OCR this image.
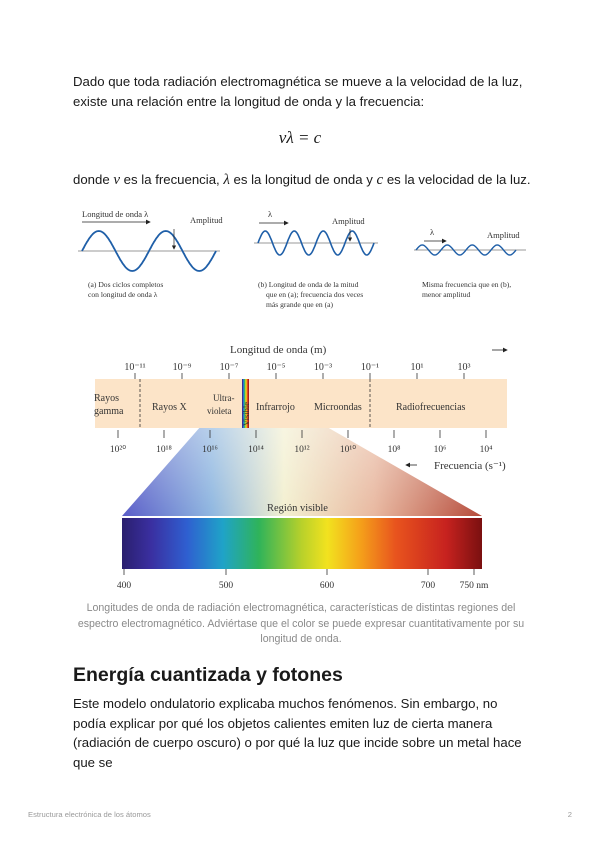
Dado que toda radiación electromagnética se mueve a la velocidad de la luz,
existe una relación entre la longitud de onda y la frecuencia:

νλ = c

donde ν es la frecuencia, λ es la longitud de onda y c es la velocidad de la luz.

Longitud de onda λ
Amplitud
(a) Dos ciclos completos
con longitud de onda λ
λ
Amplitud
(b) Longitud de onda de la mitud
que en (a); frecuencia dos veces
más grande que en (a)
λ	Amplitud
Misma frecuencia que en (b),
menor amplitud
Longitud de onda (m)
10⁻¹¹	10⁻⁹	10⁻⁷	10⁻⁵	10⁻³	10⁻¹	10¹	10³
Rayos
gamma	Rayos X
Ultra-
violeta Visible Infrarrojo Microondas	Radiofrecuencias
10²⁰	10¹⁸	10¹⁶	10¹⁴	10¹²	10¹⁰	10⁸	10⁶	10⁴
Frecuencia (s⁻¹)
Región visible
400	500	600	700	750 nm

Longitudes de onda de radiación electromagnética, características de distintas regiones del espectro electromagnético. Adviértase que el color se puede expresar cuantitativamente por su longitud de onda.

Energía cuantizada y fotones

Este modelo ondulatorio explicaba muchos fenómenos. Sin embargo, no podía explicar por qué los objetos calientes emiten luz de cierta manera (radiación de cuerpo oscuro) o por qué la luz que incide sobre un metal hace que se

Estructura electrónica de los átomos	2
